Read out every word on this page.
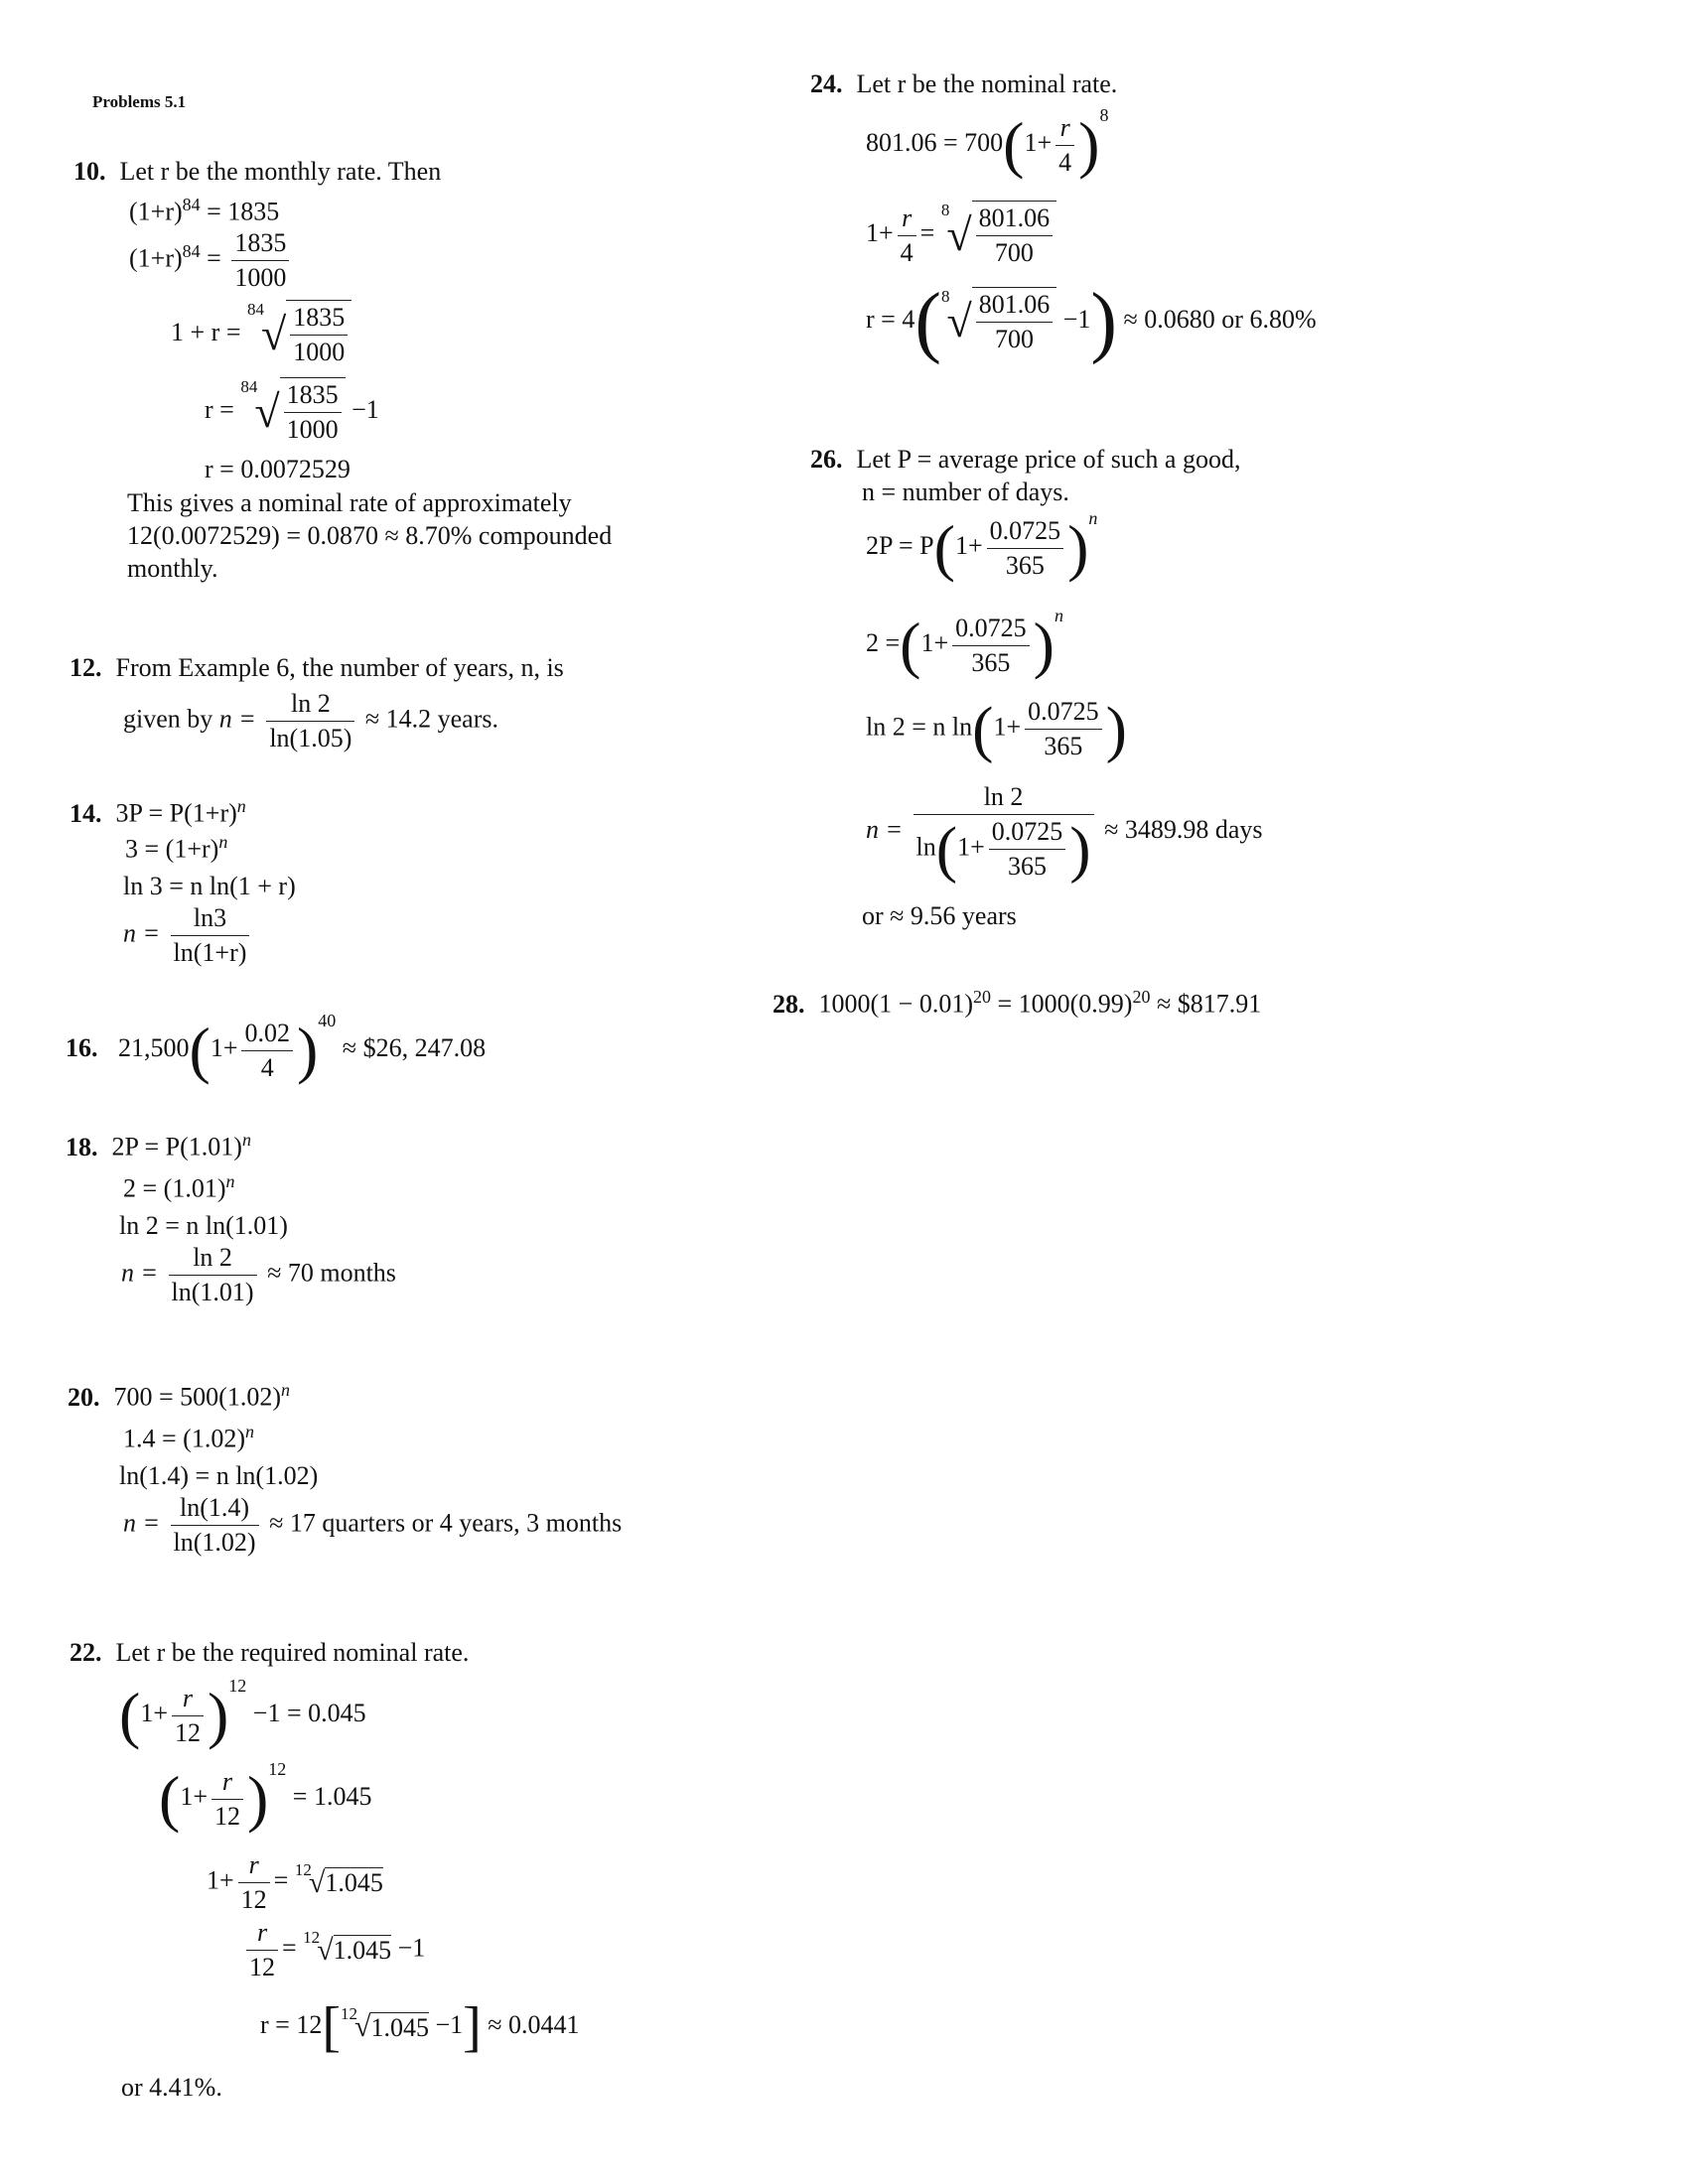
Problems 5.1
10. Let r be the monthly rate. Then
$(1+r)^{84} = 1835$
$(1+r)^{84} = \frac{1835}{1000}$
$1 + r = ^{84}√ \frac{1835}{1000}$
$r = ^{84}√ \frac{1835}{1000} -1$
r = 0.0072529
This gives a nominal rate of approximately
12(0.0072529) = 0.0870 ≈ 8.70% compounded
monthly.
12. From Example 6, the number of years, n, is
given by $n = \frac{\ln 2}{\ln(1.05)} \approx 14.2$ years.
14. $3P = P(1+r)^n$
$3 = (1+r)^n$
ln 3 = n ln(1 + r)
$n = \frac{\ln 3}{\ln(1+r)}$
16. $21,500(1+ \frac{0.02}{4} )^{40}$ ≈ $26, 247.08
18. $2P = P(1.01)^n$
$2 = (1.01)^n$
ln 2 = n ln(1.01)
$n = \frac{\ln 2}{\ln(1.01)} \approx 70$ months
20. $700 = 500(1.02)^n$
$1.4 = (1.02)^n$
ln(1.4) = n ln(1.02)
$n = \frac{\ln(1.4)}{\ln(1.02)} \approx 17$ quarters or 4 years, 3 months
22. Let r be the required nominal rate.
$(1+ \frac{r}{12} )^{12} -1 = 0.045$
$(1+ \frac{r}{12} )^{12} = 1.045$
$1+ \frac{r}{12} = ^{12}√1.045$
$\frac{r}{12} = ^{12}√1.045 -1$
r = 12[$^{12}$√1.045 −1] ≈ 0.0441
or 4.41%.
24. Let r be the nominal rate.
$801.06 = 700(1+ \frac{r}{4} )^8$
$1+ \frac{r}{4} = ^8√ \frac{801.06}{700}$
$r = 4(^8√ \frac{801.06}{700} -1) \approx 0.0680$ or 6.80%
26. Let P = average price of such a good,
n = number of days.
$2P = P(1+ \frac{0.0725}{365} )^n$
$2 =(1+ \frac{0.0725}{365} )^n$
ln 2 = n $\ln(1+ \frac{0.0725}{365}$ )
$n = \frac{\ln 2}{\ln(1+ \frac{0.0725}{365} )} \approx 3489.98$ days
or ≈ 9.56 years
28. $1000(1 - 0.01)^{20} = 1000(0.99)^{20}$ ≈ $817.91
